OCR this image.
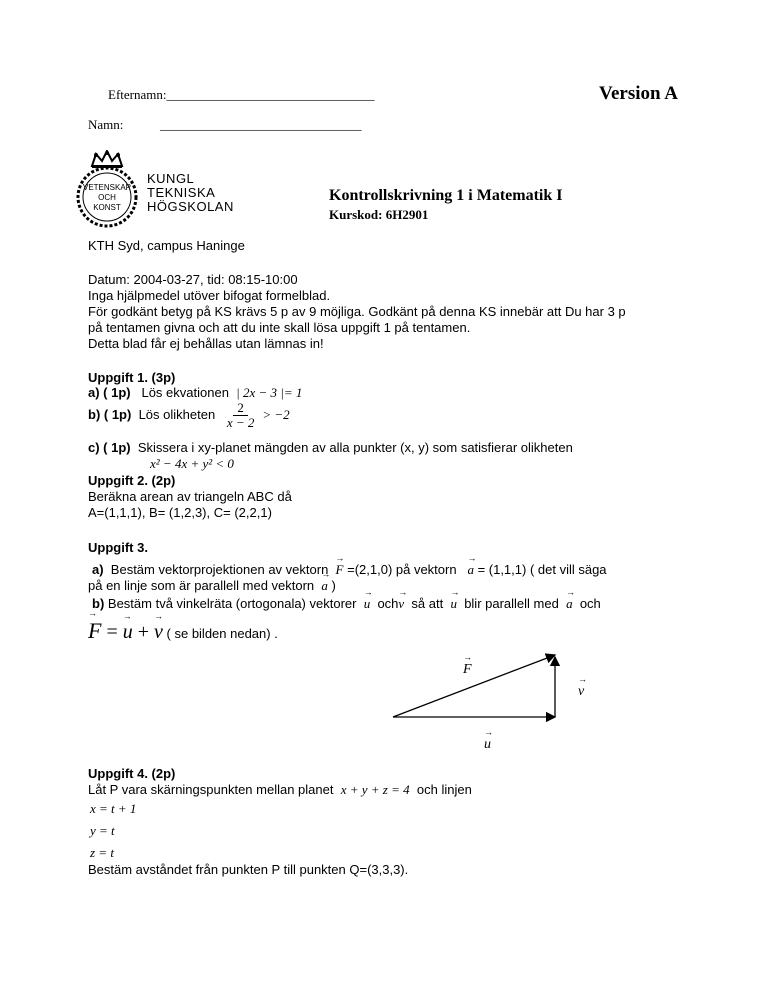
Efternamn:________________________________	Version A
Namn:	_______________________________
VETENSKAP
OCH
KONST
KUNGL
TEKNISKA
HÖGSKOLAN
Kontrollskrivning 1 i Matematik I
Kurskod: 6H2901
KTH Syd, campus Haninge
Datum: 2004-03-27, tid: 08:15-10:00
Inga hjälpmedel utöver bifogat formelblad.
För godkänt betyg på KS krävs 5 p av 9 möjliga. Godkänt på denna KS innebär att Du har 3 p
på tentamen givna och att du inte skall lösa uppgift 1 på tentamen.
Detta blad får ej behållas utan lämnas in!
Uppgift 1. (3p)
a) ( 1p) Lös ekvationen | 2x − 3 |= 1
b) ( 1p) Lös olikheten $\frac{2}{x - 2} > -2$
c) ( 1p) Skissera i xy-planet mängden av alla punkter (x, y) som satisfierar olikheten
x² − 4x + y² < 0
Uppgift 2. (2p)
Beräkna arean av triangeln ABC då
A=(1,1,1), B= (1,2,3), C= (2,2,1)
Uppgift 3.
a) Bestäm vektorprojektionen av vektorn → F =(2,1,0) på vektorn → a = (1,1,1) ( det vill säga
på en linje som är parallell med vektorn → a )
b) Bestäm två vinkelräta (ortogonala) vektorer → u och→ v så att → u blir parallell med → a och
→ F = → u + → v ( se bilden nedan) .
→ F
→ v
→ u
Uppgift 4. (2p)
Låt P vara skärningspunkten mellan planet x + y + z = 4 och linjen
x = t + 1
y = t
z = t
Bestäm avståndet från punkten P till punkten Q=(3,3,3).
